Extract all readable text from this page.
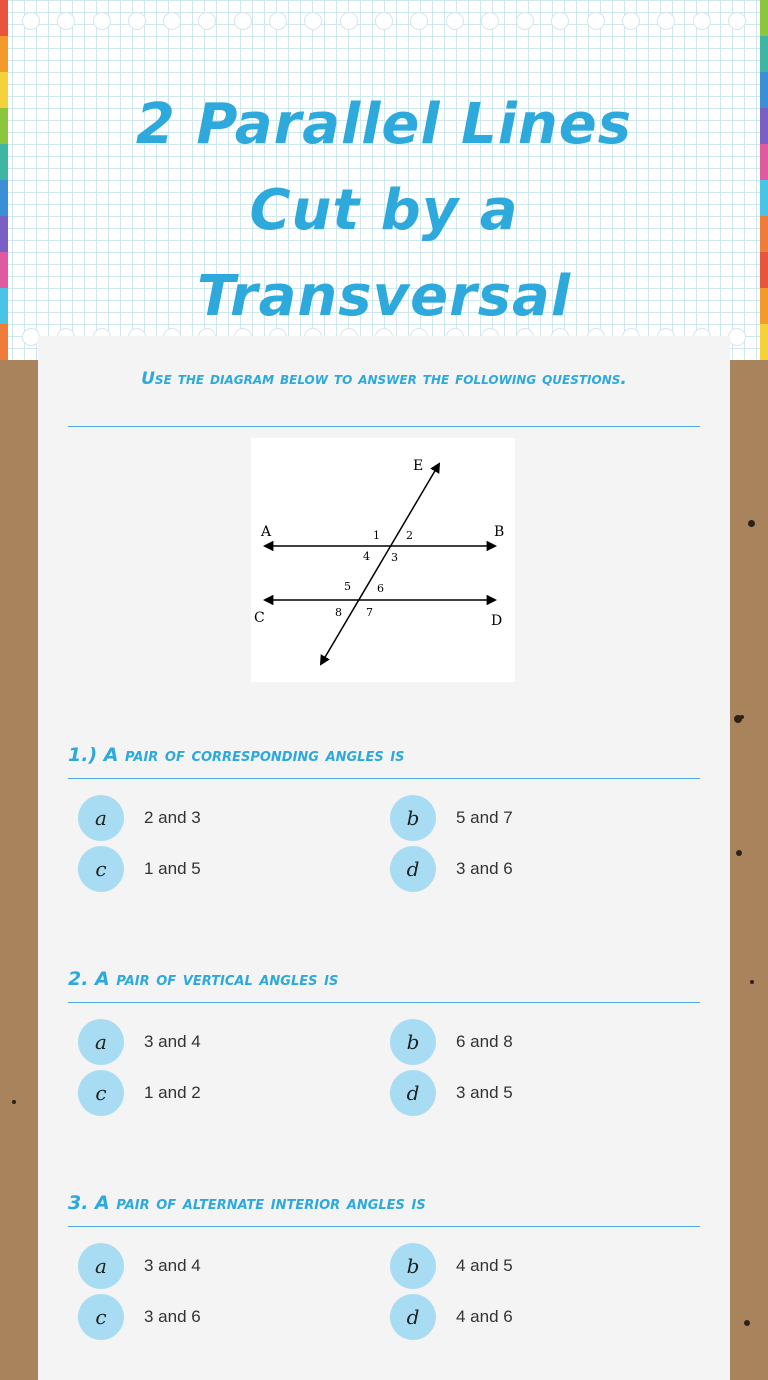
2 Parallel Lines
Cut by a
Transversal

Use the diagram below to answer the following questions.

E
A	B
C	D
1 2
3
4
5 6
8 7

1.) A pair of corresponding angles is

a	2 and 3	b	5 and 7
c	1 and 5	d	3 and 6

2. A pair of vertical angles is

a	3 and 4	b	6 and 8
c	1 and 2	d	3 and 5

3. A pair of alternate interior angles is

a	3 and 4	b	4 and 5
c	3 and 6	d	4 and 6
